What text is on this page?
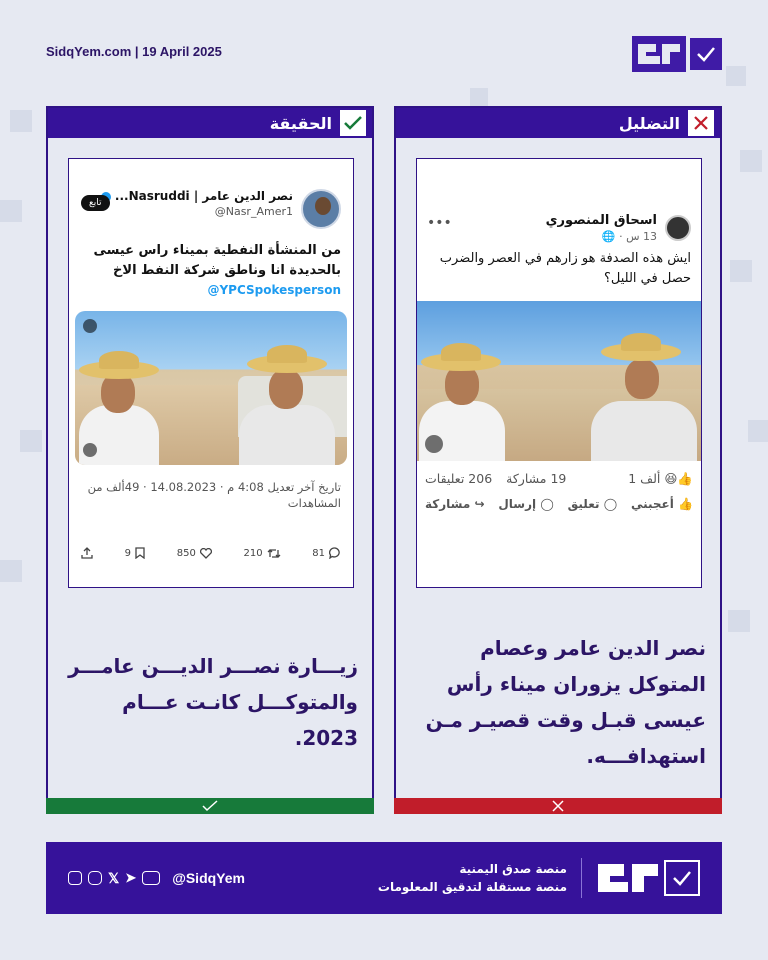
SidqYem.com | 19 April 2025
الحقيقة
تابع	نصر الدين عامر | Nasruddi...
@Nasr_Amer1
من المنشأة النفطية بميناء راس عيسى بالحديدة انا وناطق شركة النفط الاخ
@YPCSpokesperson
تاريخ آخر تعديل 4:08 م · 14.08.2023 · 49ألف من المشاهدات
9	850	210	81

زيـــارة نصـــر الديـــن عامـــر والمتوكـــل كانـت عـــام 2023.

التضليل
•••	اسحاق المنصوري
13 س · 🌐
ايش هذه الصدفة هو زارهم في العصر والضرب حصل في الليل؟
19 مشاركة 206 تعليقات	1 ألف 😆👍
مشاركة ↪ إرسال ◯ تعليق ◯ أعجبني 👍

نصر الدين عامر وعصام المتوكل يزوران ميناء رأس عيسى قبـل وقت قصيـر مـن استهدافـــه.

𝕏 ➤	@SidqYem
منصة صدق اليمنية
منصة مستقلة لتدقيق المعلومات
